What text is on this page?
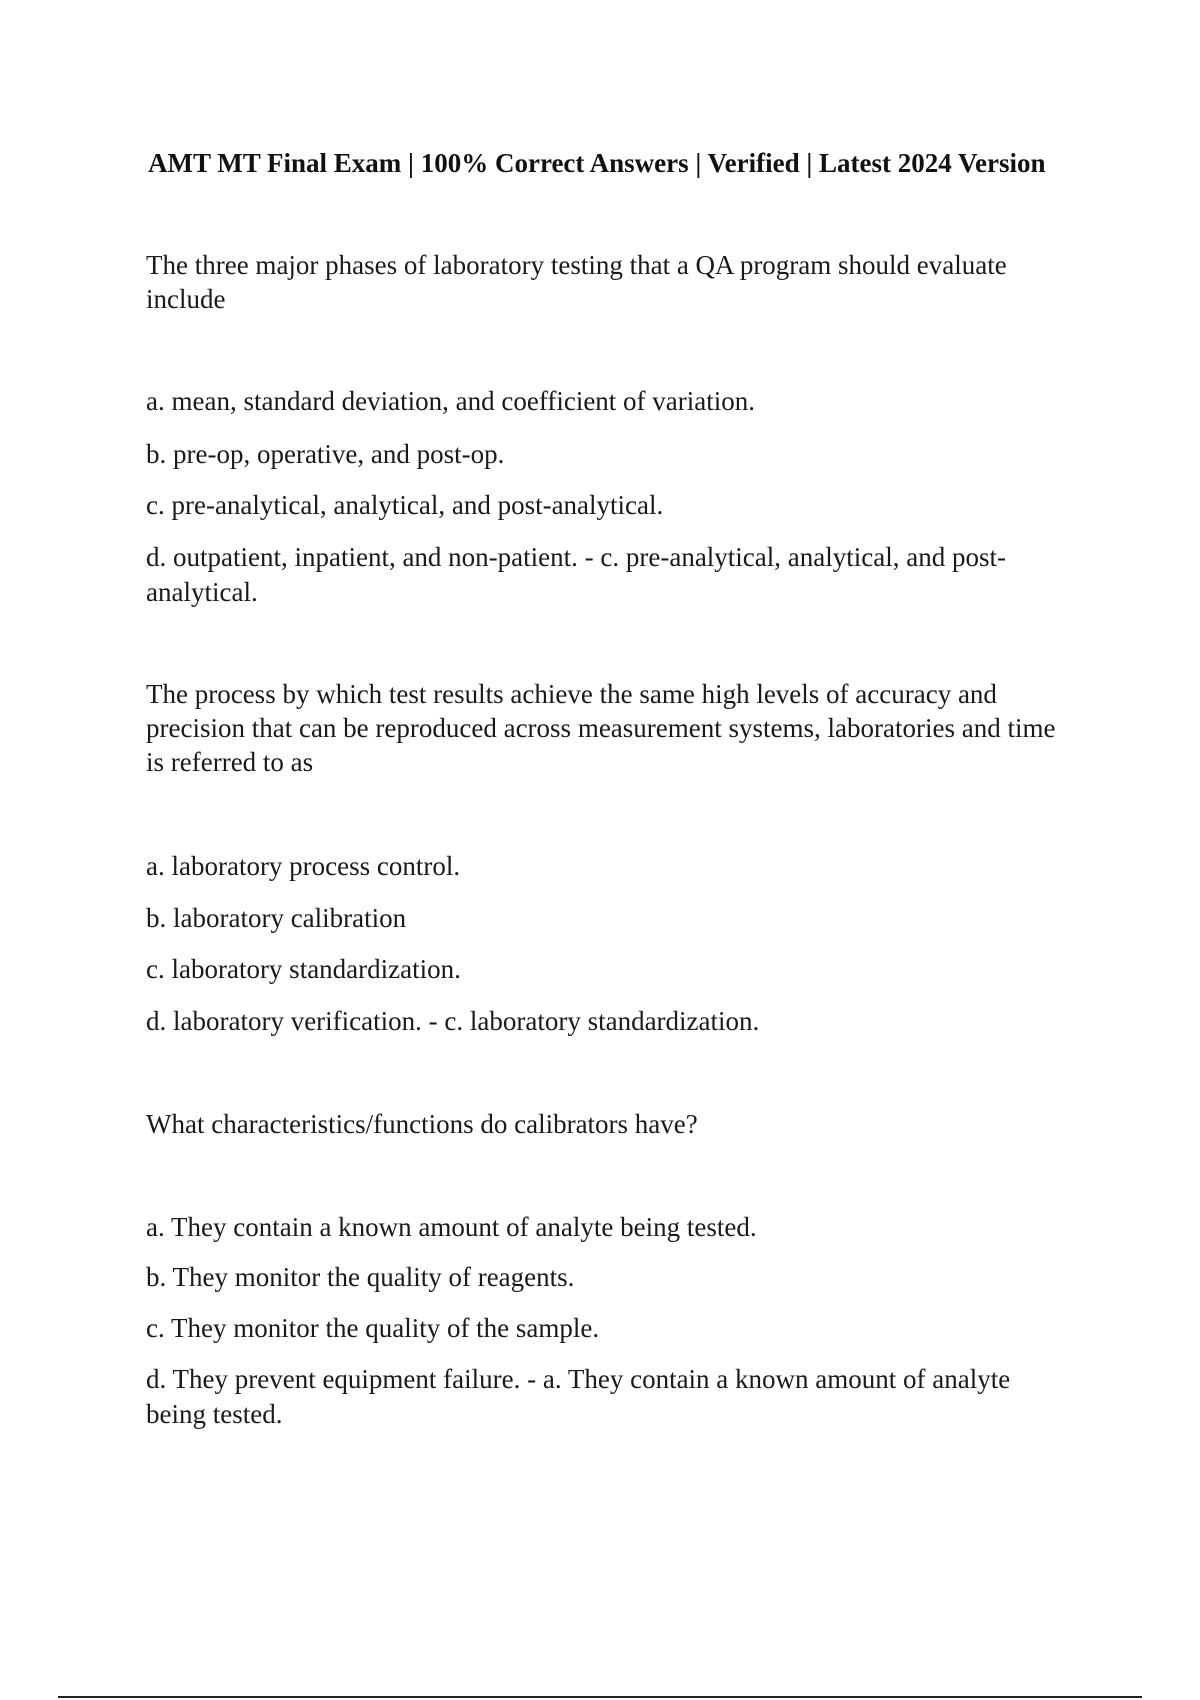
AMT MT Final Exam | 100% Correct Answers | Verified | Latest 2024 Version

The three major phases of laboratory testing that a QA program should evaluate include

a. mean, standard deviation, and coefficient of variation.

b. pre-op, operative, and post-op.

c. pre-analytical, analytical, and post-analytical.

d. outpatient, inpatient, and non-patient. - c. pre-analytical, analytical, and post-analytical.

The process by which test results achieve the same high levels of accuracy and precision that can be reproduced across measurement systems, laboratories and time is referred to as

a. laboratory process control.

b. laboratory calibration

c. laboratory standardization.

d. laboratory verification. - c. laboratory standardization.

What characteristics/functions do calibrators have?

a. They contain a known amount of analyte being tested.

b. They monitor the quality of reagents.

c. They monitor the quality of the sample.

d. They prevent equipment failure. - a. They contain a known amount of analyte being tested.
